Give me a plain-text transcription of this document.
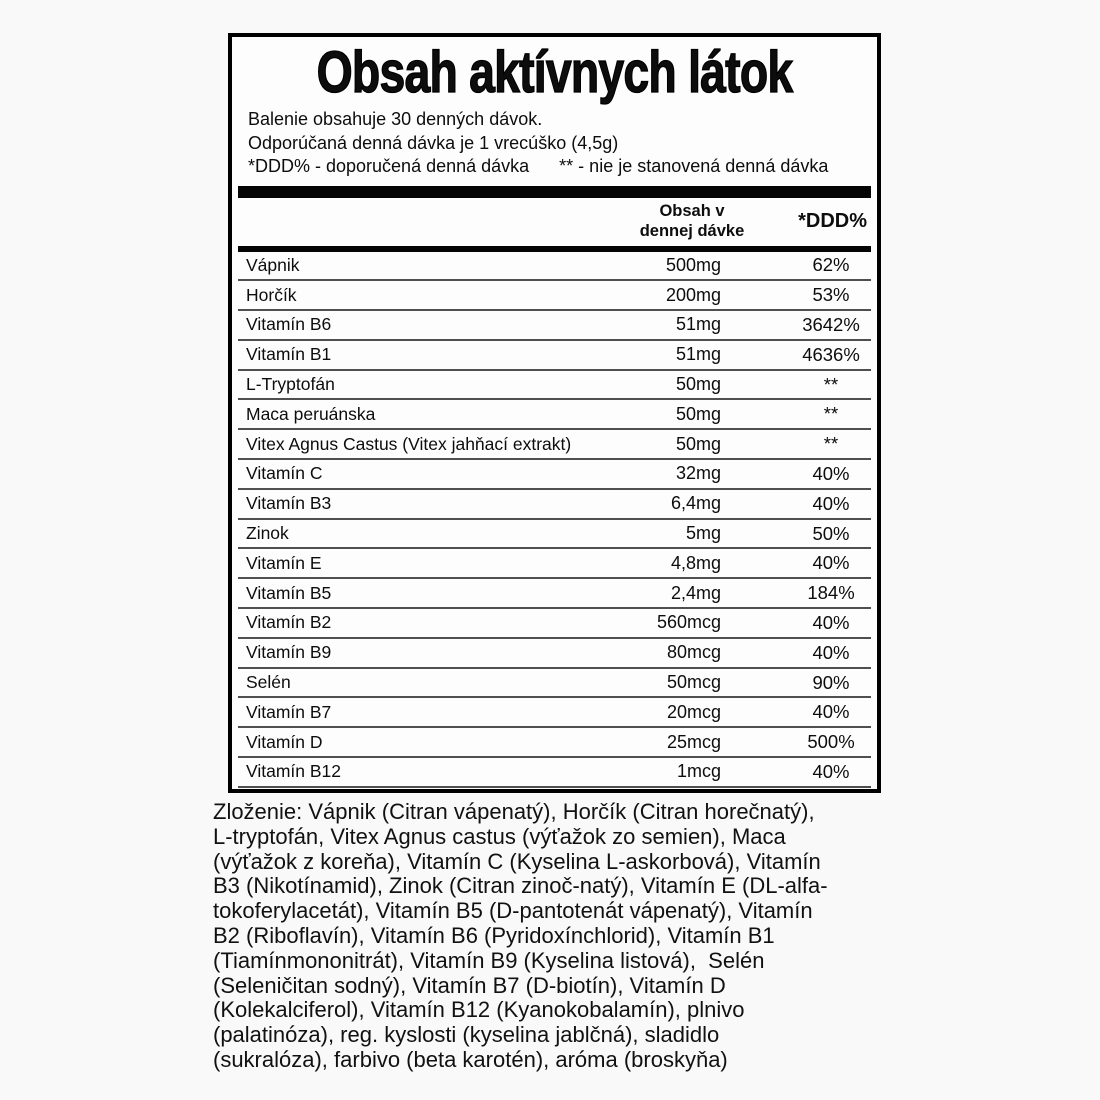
Obsah aktívnych látok

Balenie obsahuje 30 denných dávok.

Odporúčaná denná dávka je 1 vrecúško (4,5g)

*DDD% - doporučená denná dávka ** - nie je stanovená denná dávka

Obsah v
dennej dávke	*DDD%
Vápnik	500mg	62%
Horčík	200mg	53%
Vitamín B6	51mg	3642%
Vitamín B1	51mg	4636%
L-Tryptofán	50mg	**
Maca peruánska	50mg	**
Vitex Agnus Castus (Vitex jahňací extrakt)	50mg	**
Vitamín C	32mg	40%
Vitamín B3	6,4mg	40%
Zinok	5mg	50%
Vitamín E	4,8mg	40%
Vitamín B5	2,4mg	184%
Vitamín B2	560mcg	40%
Vitamín B9	80mcg	40%
Selén	50mcg	90%
Vitamín B7	20mcg	40%
Vitamín D	25mcg	500%
Vitamín B12	1mcg	40%
Zloženie: Vápnik (Citran vápenatý), Horčík (Citran horečnatý),
L-tryptofán, Vitex Agnus castus (výťažok zo semien), Maca
(výťažok z koreňa), Vitamín C (Kyselina L-askorbová), Vitamín
B3 (Nikotínamid), Zinok (Citran zinoč-natý), Vitamín E (DL-alfa-
tokoferylacetát), Vitamín B5 (D-pantotenát vápenatý), Vitamín
B2 (Riboflavín), Vitamín B6 (Pyridoxínchlorid), Vitamín B1
(Tiamínmononitrát), Vitamín B9 (Kyselina listová),  Selén
(Seleničitan sodný), Vitamín B7 (D-biotín), Vitamín D
(Kolekalciferol), Vitamín B12 (Kyanokobalamín), plnivo
(palatinóza), reg. kyslosti (kyselina jablčná), sladidlo
(sukralóza), farbivo (beta karotén), aróma (broskyňa)
